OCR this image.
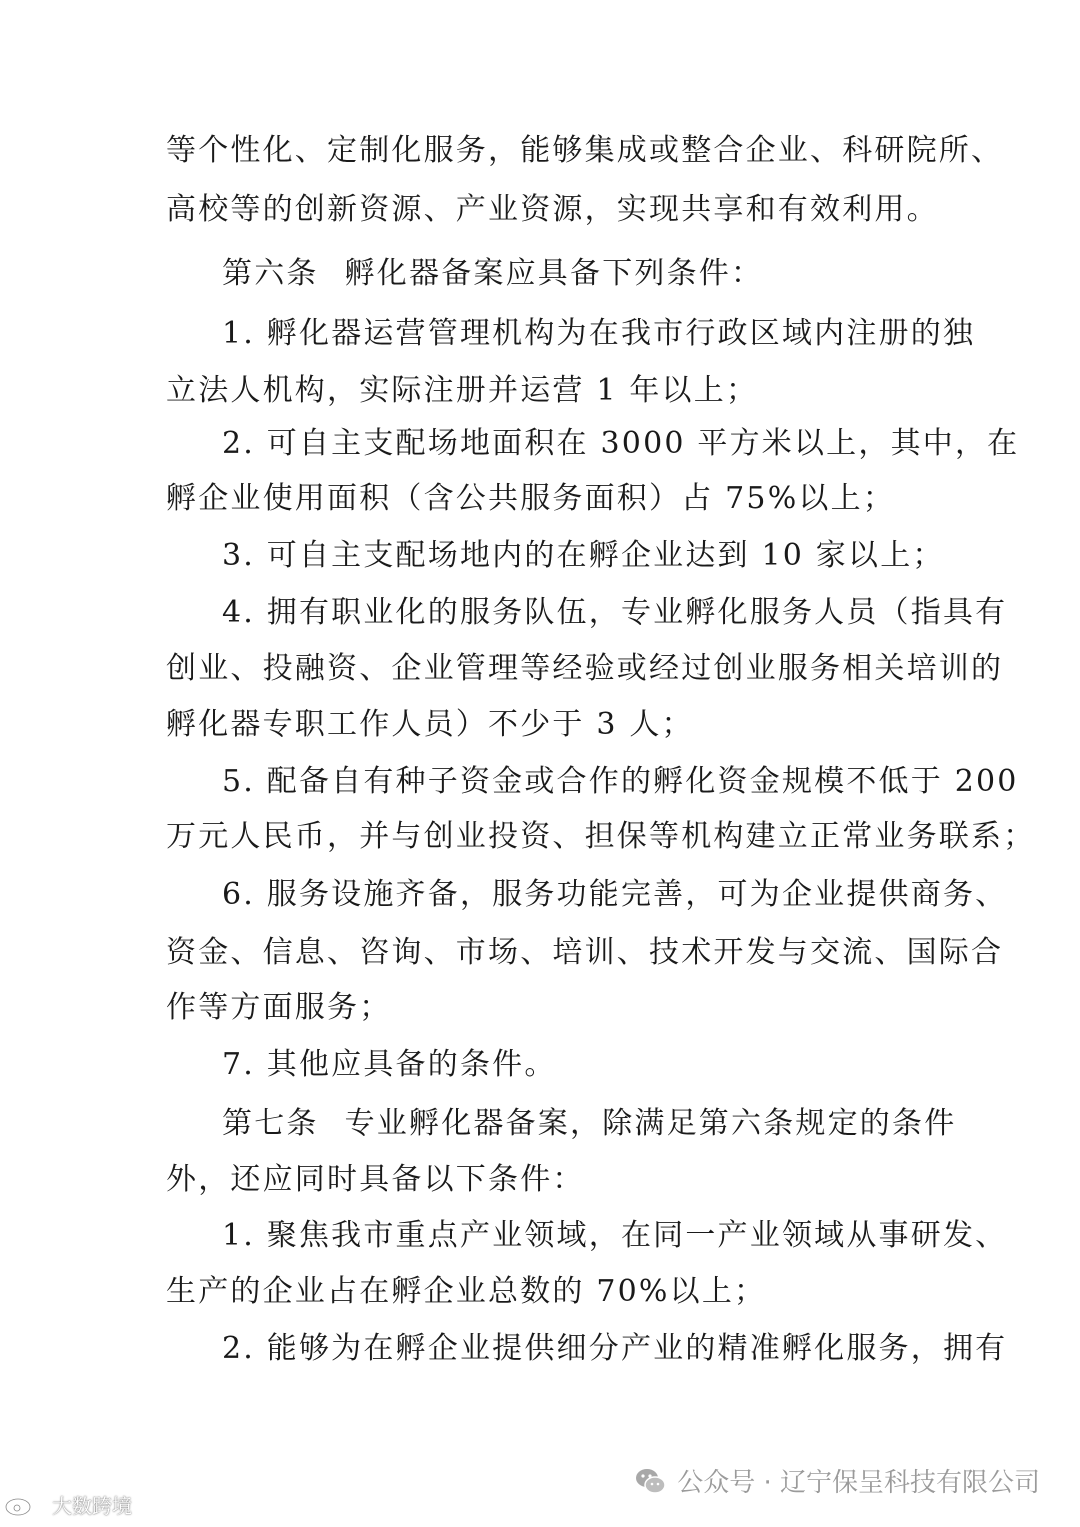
等个性化、定制化服务，能够集成或整合企业、科研院所、
高校等的创新资源、产业资源，实现共享和有效利用。
第六条 孵化器备案应具备下列条件：
1. 孵化器运营管理机构为在我市行政区域内注册的独
立法人机构，实际注册并运营 1 年以上；
2. 可自主支配场地面积在 3000 平方米以上，其中，在
孵企业使用面积（含公共服务面积）占 75%以上；
3. 可自主支配场地内的在孵企业达到 10 家以上；
4. 拥有职业化的服务队伍，专业孵化服务人员（指具有
创业、投融资、企业管理等经验或经过创业服务相关培训的
孵化器专职工作人员）不少于 3 人；
5. 配备自有种子资金或合作的孵化资金规模不低于 200
万元人民币，并与创业投资、担保等机构建立正常业务联系；
6. 服务设施齐备，服务功能完善，可为企业提供商务、
资金、信息、咨询、市场、培训、技术开发与交流、国际合
作等方面服务；
7. 其他应具备的条件。
第七条 专业孵化器备案，除满足第六条规定的条件
外，还应同时具备以下条件：
1. 聚焦我市重点产业领域，在同一产业领域从事研发、
生产的企业占在孵企业总数的 70%以上；
2. 能够为在孵企业提供细分产业的精准孵化服务，拥有
公众号 · 辽宁保呈科技有限公司
大数跨境
